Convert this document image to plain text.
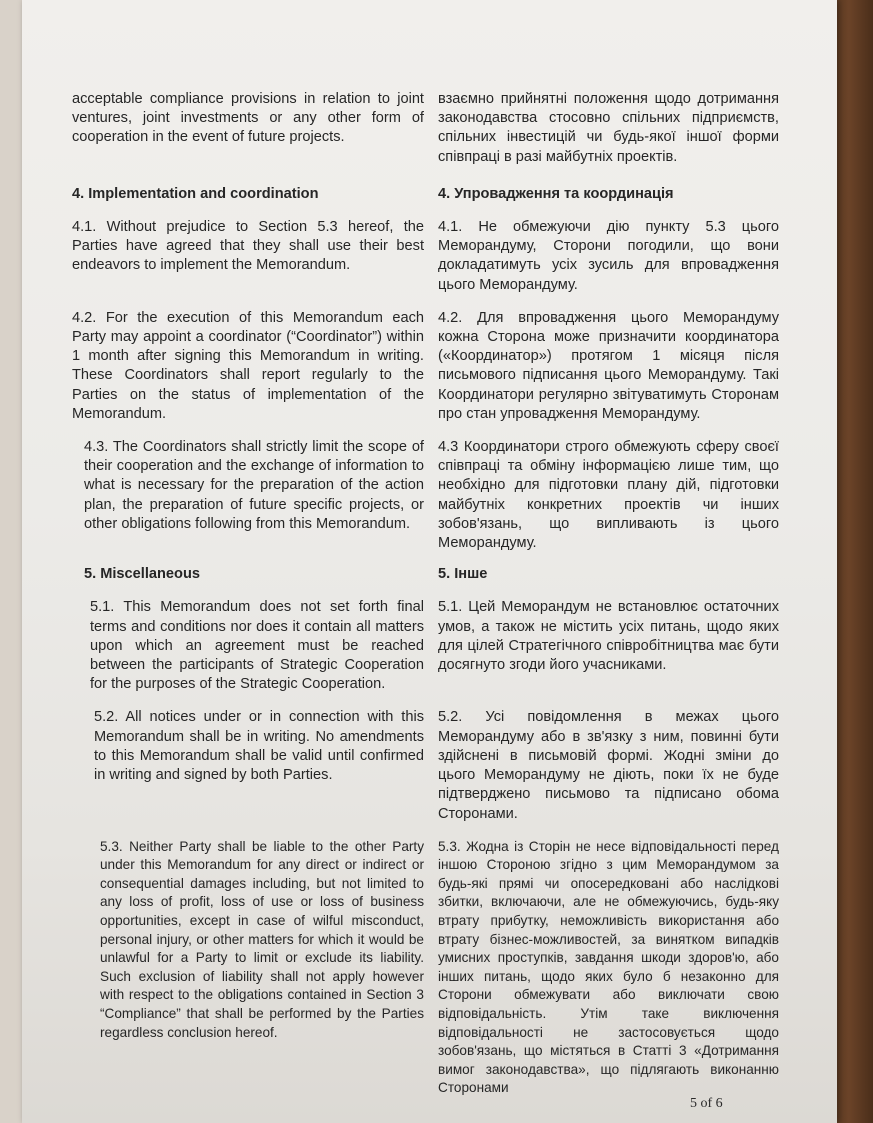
acceptable compliance provisions in relation to joint ventures, joint investments or any other form of cooperation in the event of future projects.
взаємно прийнятні положення щодо дотримання законодавства стосовно спільних підприємств, спільних інвестицій чи будь-якої іншої форми співпраці в разі майбутніх проектів.
4. Implementation and coordination	4. Упровадження та координація
4.1. Without prejudice to Section 5.3 hereof, the Parties have agreed that they shall use their best endeavors to implement the Memorandum.
4.1. Не обмежуючи дію пункту 5.3 цього Меморандуму, Сторони погодили, що вони докладатимуть усіх зусиль для впровадження цього Меморандуму.
4.2. For the execution of this Memorandum each Party may appoint a coordinator (“Coordinator”) within 1 month after signing this Memorandum in writing. These Coordinators shall report regularly to the Parties on the status of implementation of the Memorandum.
4.2. Для впровадження цього Меморандуму кожна Сторона може призначити координатора («Координатор») протягом 1 місяця після письмового підписання цього Меморандуму. Такі Координатори регулярно звітуватимуть Сторонам про стан упровадження Меморандуму.
4.3. The Coordinators shall strictly limit the scope of their cooperation and the exchange of information to what is necessary for the preparation of the action plan, the preparation of future specific projects, or other obligations following from this Memorandum.
4.3 Координатори строго обмежують сферу своєї співпраці та обміну інформацією лише тим, що необхідно для підготовки плану дій, підготовки майбутніх конкретних проектів чи інших зобов'язань, що випливають із цього Меморандуму.
5. Miscellaneous	5. Інше
5.1. This Memorandum does not set forth final terms and conditions nor does it contain all matters upon which an agreement must be reached between the participants of Strategic Cooperation for the purposes of the Strategic Cooperation.
5.1. Цей Меморандум не встановлює остаточних умов, а також не містить усіх питань, щодо яких для цілей Стратегічного співробітництва має бути досягнуто згоди його учасниками.
5.2. All notices under or in connection with this Memorandum shall be in writing. No amendments to this Memorandum shall be valid until confirmed in writing and signed by both Parties.
5.2. Усі повідомлення в межах цього Меморандуму або в зв'язку з ним, повинні бути здійснені в письмовій формі. Жодні зміни до цього Меморандуму не діють, поки їх не буде підтверджено письмово та підписано обома Сторонами.
5.3. Neither Party shall be liable to the other Party under this Memorandum for any direct or indirect or consequential damages including, but not limited to any loss of profit, loss of use or loss of business opportunities, except in case of wilful misconduct, personal injury, or other matters for which it would be unlawful for a Party to limit or exclude its liability. Such exclusion of liability shall not apply however with respect to the obligations contained in Section 3 “Compliance” that shall be performed by the Parties regardless conclusion hereof.
5.3. Жодна із Сторін не несе відповідальності перед іншою Стороною згідно з цим Меморандумом за будь-які прямі чи опосередковані або наслідкові збитки, включаючи, але не обмежуючись, будь-яку втрату прибутку, неможливість використання або втрату бізнес-можливостей, за винятком випадків умисних проступків, завдання шкоди здоров'ю, або інших питань, щодо яких було б незаконно для Сторони обмежувати або виключати свою відповідальність. Утім таке виключення відповідальності не застосовується щодо зобов'язань, що містяться в Статті 3 «Дотримання вимог законодавства», що підлягають виконанню Сторонами
5 of 6
